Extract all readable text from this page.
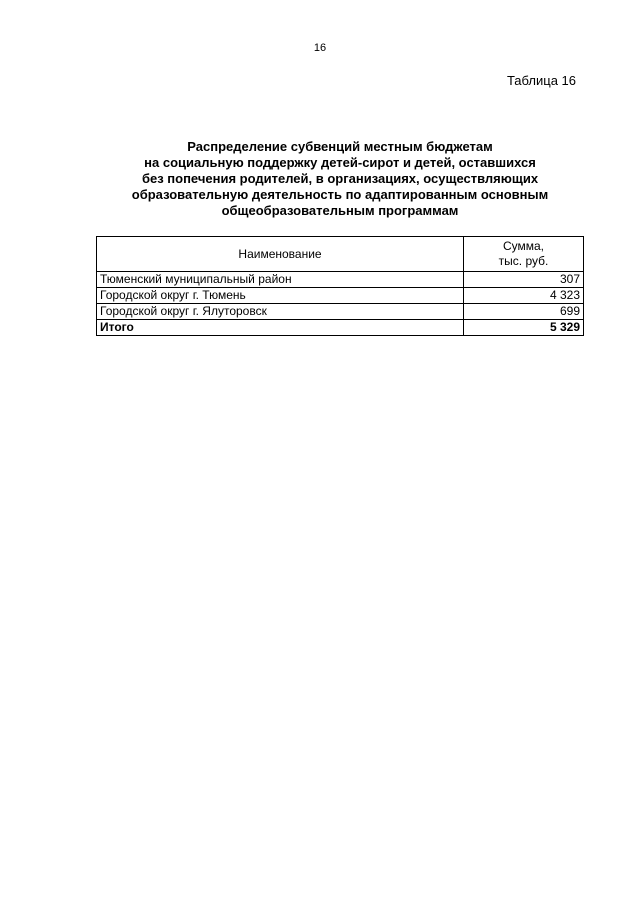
16
Таблица 16
Распределение субвенций местным бюджетам
на социальную поддержку детей-сирот и детей, оставшихся
без попечения родителей, в организациях, осуществляющих
образовательную деятельность по адаптированным основным
общеобразовательным программам
Наименование	Сумма,
тыс. руб.

Тюменский муниципальный район	307
Городской округ г. Тюмень	4 323
Городской округ г. Ялуторовск	699
Итого	5 329
